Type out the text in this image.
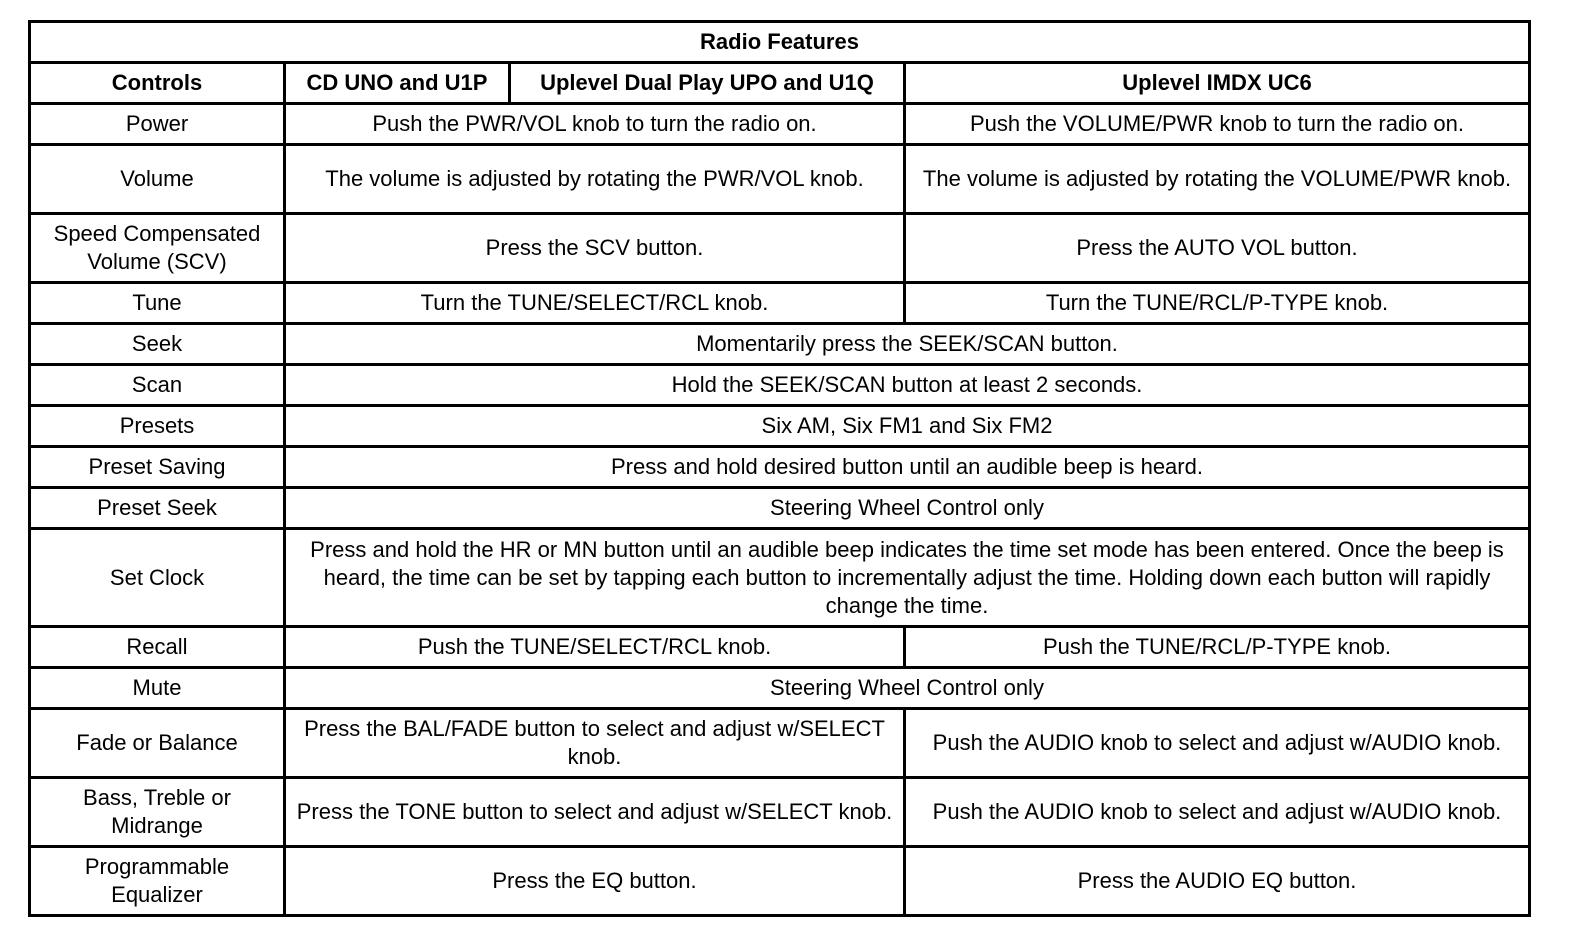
Radio Features			
Controls	CD UNO and U1P	Uplevel Dual Play UPO and U1Q	Uplevel IMDX UC6
Power	Push the PWR/VOL knob to turn the radio on.		Push the VOLUME/PWR knob to turn the radio on.
Volume	The volume is adjusted by rotating the PWR/VOL knob.		The volume is adjusted by rotating the VOLUME/PWR knob.
Speed Compensated Volume (SCV)	Press the SCV button.		Press the AUTO VOL button.
Tune	Turn the TUNE/SELECT/RCL knob.		Turn the TUNE/RCL/P-TYPE knob.
Seek	Momentarily press the SEEK/SCAN button.		
Scan	Hold the SEEK/SCAN button at least 2 seconds.		
Presets	Six AM, Six FM1 and Six FM2		
Preset Saving	Press and hold desired button until an audible beep is heard.		
Preset Seek	Steering Wheel Control only		
Set Clock	Press and hold the HR or MN button until an audible beep indicates the time set mode has been entered. Once the beep is heard, the time can be set by tapping each button to incrementally adjust the time. Holding down each button will rapidly change the time.		
Recall	Push the TUNE/SELECT/RCL knob.		Push the TUNE/RCL/P-TYPE knob.
Mute	Steering Wheel Control only		
Fade or Balance	Press the BAL/FADE button to select and adjust w/SELECT knob.		Push the AUDIO knob to select and adjust w/AUDIO knob.
Bass, Treble or Midrange	Press the TONE button to select and adjust w/SELECT knob.		Push the AUDIO knob to select and adjust w/AUDIO knob.
Programmable Equalizer	Press the EQ button.		Press the AUDIO EQ button.
